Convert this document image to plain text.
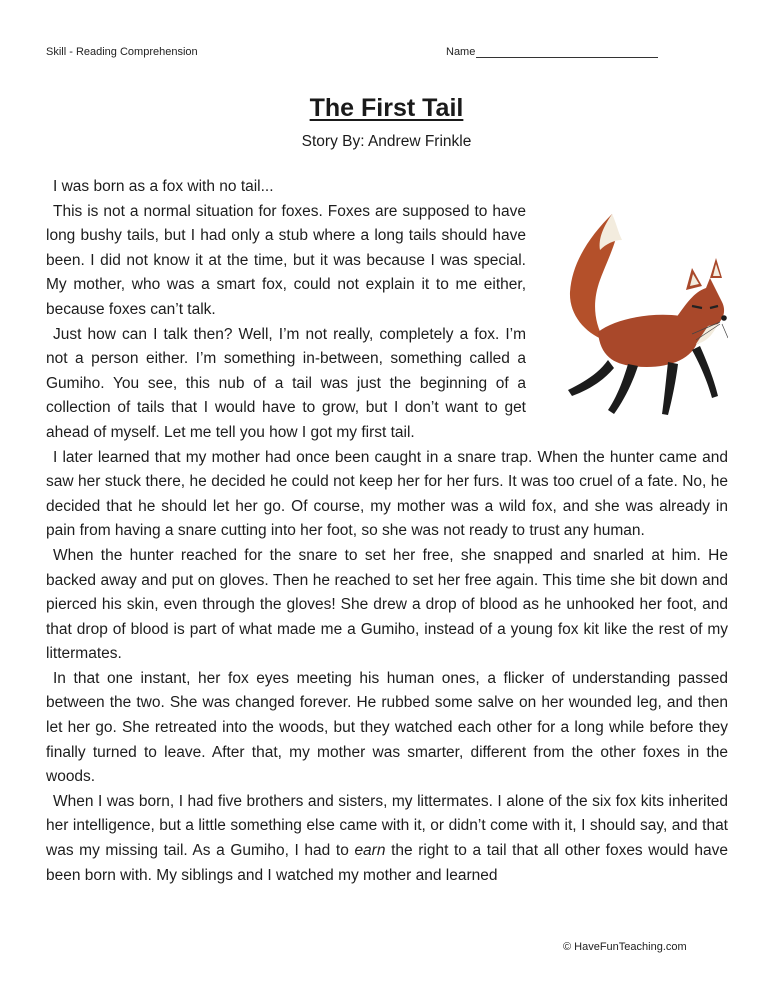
Skill - Reading Comprehension	Name
The First Tail
Story By: Andrew Frinkle

I was born as a fox with no tail...

This is not a normal situation for foxes. Foxes are supposed to have long bushy tails, but I had only a stub where a long tails should have been. I did not know it at the time, but it was because I was special. My mother, who was a smart fox, could not explain it to me either, because foxes can’t talk.

Just how can I talk then? Well, I’m not really, completely a fox. I’m not a person either. I’m something in-between, something called a Gumiho. You see, this nub of a tail was just the beginning of a collection of tails that I would have to grow, but I don’t want to get ahead of myself. Let me tell you how I got my first tail.

I later learned that my mother had once been caught in a snare trap. When the hunter came and saw her stuck there, he decided he could not keep her for her furs. It was too cruel of a fate. No, he decided that he should let her go. Of course, my mother was a wild fox, and she was already in pain from having a snare cutting into her foot, so she was not ready to trust any human.

When the hunter reached for the snare to set her free, she snapped and snarled at him. He backed away and put on gloves. Then he reached to set her free again. This time she bit down and pierced his skin, even through the gloves! She drew a drop of blood as he unhooked her foot, and that drop of blood is part of what made me a Gumiho, instead of a young fox kit like the rest of my littermates.

In that one instant, her fox eyes meeting his human ones, a flicker of understanding passed between the two. She was changed forever. He rubbed some salve on her wounded leg, and then let her go. She retreated into the woods, but they watched each other for a long while before they finally turned to leave. After that, my mother was smarter, different from the other foxes in the woods.

When I was born, I had five brothers and sisters, my littermates. I alone of the six fox kits inherited her intelligence, but a little something else came with it, or didn’t come with it, I should say, and that was my missing tail. As a Gumiho, I had to earn the right to a tail that all other foxes would have been born with. My siblings and I watched my mother and learned

© HaveFunTeaching.com
